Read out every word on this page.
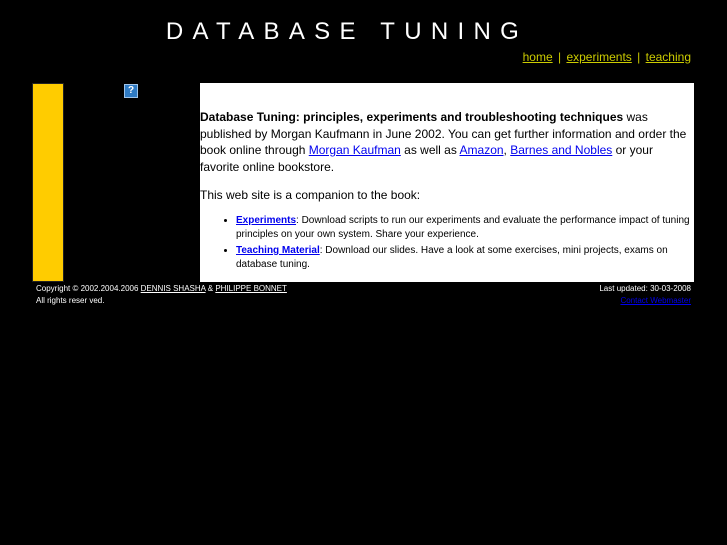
DATABASE TUNING
home | experiments | teaching
?

Database Tuning: principles, experiments and troubleshooting techniques was published by Morgan Kaufmann in June 2002. You can get further information and order the book online through Morgan Kaufman as well as Amazon, Barnes and Nobles or your favorite online bookstore.

This web site is a companion to the book:

• Experiments: Download scripts to run our experiments and evaluate the performance impact of tuning principles on your own system. Share your experience.
• Teaching Material: Download our slides. Have a look at some exercises, mini projects, exams on database tuning.
Copyright © 2002.2004.2006 DENNIS SHASHA & PHILIPPE BONNET
All rights reser ved.
Last updated: 30-03-2008
Contact Webmaster
